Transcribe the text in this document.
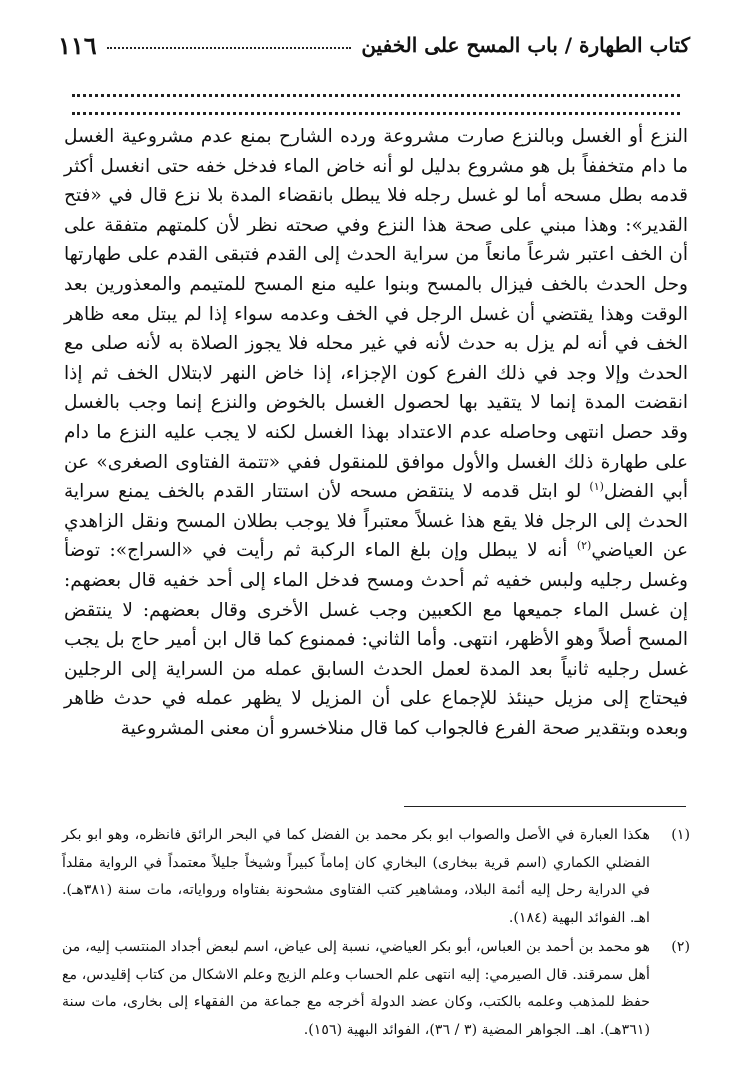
كتاب الطهارة / باب المسح على الخفين
١١٦

النزع أو الغسل وبالنزع صارت مشروعة ورده الشارح بمنع عدم مشروعية الغسل ما دام متخففاً بل هو مشروع بدليل لو أنه خاض الماء فدخل خفه حتى انغسل أكثر قدمه بطل مسحه أما لو غسل رجله فلا يبطل بانقضاء المدة بلا نزع قال في «فتح القدير»: وهذا مبني على صحة هذا النزع وفي صحته نظر لأن كلمتهم متفقة على أن الخف اعتبر شرعاً مانعاً من سراية الحدث إلى القدم فتبقى القدم على طهارتها وحل الحدث بالخف فيزال بالمسح وبنوا عليه منع المسح للمتيمم والمعذورين بعد الوقت وهذا يقتضي أن غسل الرجل في الخف وعدمه سواء إذا لم يبتل معه ظاهر الخف في أنه لم يزل به حدث لأنه في غير محله فلا يجوز الصلاة به لأنه صلى مع الحدث وإلا وجد في ذلك الفرع كون الإجزاء، إذا خاض النهر لابتلال الخف ثم إذا انقضت المدة إنما لا يتقيد بها لحصول الغسل بالخوض والنزع إنما وجب بالغسل وقد حصل انتهى وحاصله عدم الاعتداد بهذا الغسل لكنه لا يجب عليه النزع ما دام على طهارة ذلك الغسل والأول موافق للمنقول ففي «تتمة الفتاوى الصغرى» عن أبي الفضل$^{(١)}$ لو ابتل قدمه لا ينتقض مسحه لأن استتار القدم بالخف يمنع سراية الحدث إلى الرجل فلا يقع هذا غسلاً معتبراً فلا يوجب بطلان المسح ونقل الزاهدي عن العياضي$^{(٢)}$ أنه لا يبطل وإن بلغ الماء الركبة ثم رأيت في «السراج»: توضأ وغسل رجليه ولبس خفيه ثم أحدث ومسح فدخل الماء إلى أحد خفيه قال بعضهم: إن غسل الماء جميعها مع الكعبين وجب غسل الأخرى وقال بعضهم: لا ينتقض المسح أصلاً وهو الأظهر، انتهى. وأما الثاني: فممنوع كما قال ابن أمير حاج بل يجب غسل رجليه ثانياً بعد المدة لعمل الحدث السابق عمله من السراية إلى الرجلين فيحتاج إلى مزيل حينئذ للإجماع على أن المزيل لا يظهر عمله في حدث ظاهر وبعده وبتقدير صحة الفرع فالجواب كما قال منلاخسرو أن معنى المشروعية

(١)
هكذا العبارة في الأصل والصواب ابو بكر محمد بن الفضل كما في البحر الرائق فانظره، وهو ابو بكر الفضلي الكماري (اسم قرية ببخارى) البخاري كان إماماً كبيراً وشيخاً جليلاً معتمداً في الرواية مقلداً في الدراية رحل إليه أئمة البلاد، ومشاهير كتب الفتاوى مشحونة بفتاواه ورواياته، مات سنة (٣٨١هـ). اهـ. الفوائد البهية (١٨٤).
(٢)
هو محمد بن أحمد بن العباس، أبو بكر العياضي، نسبة إلى عياض، اسم لبعض أجداد المنتسب إليه، من أهل سمرقند. قال الصيرمي: إليه انتهى علم الحساب وعلم الزيج وعلم الاشكال من كتاب إقليدس، مع حفظ للمذهب وعلمه بالكتب، وكان عضد الدولة أخرجه مع جماعة من الفقهاء إلى بخارى، مات سنة (٣٦١هـ). اهـ. الجواهر المضية (٣ / ٣٦)، الفوائد البهية (١٥٦).
